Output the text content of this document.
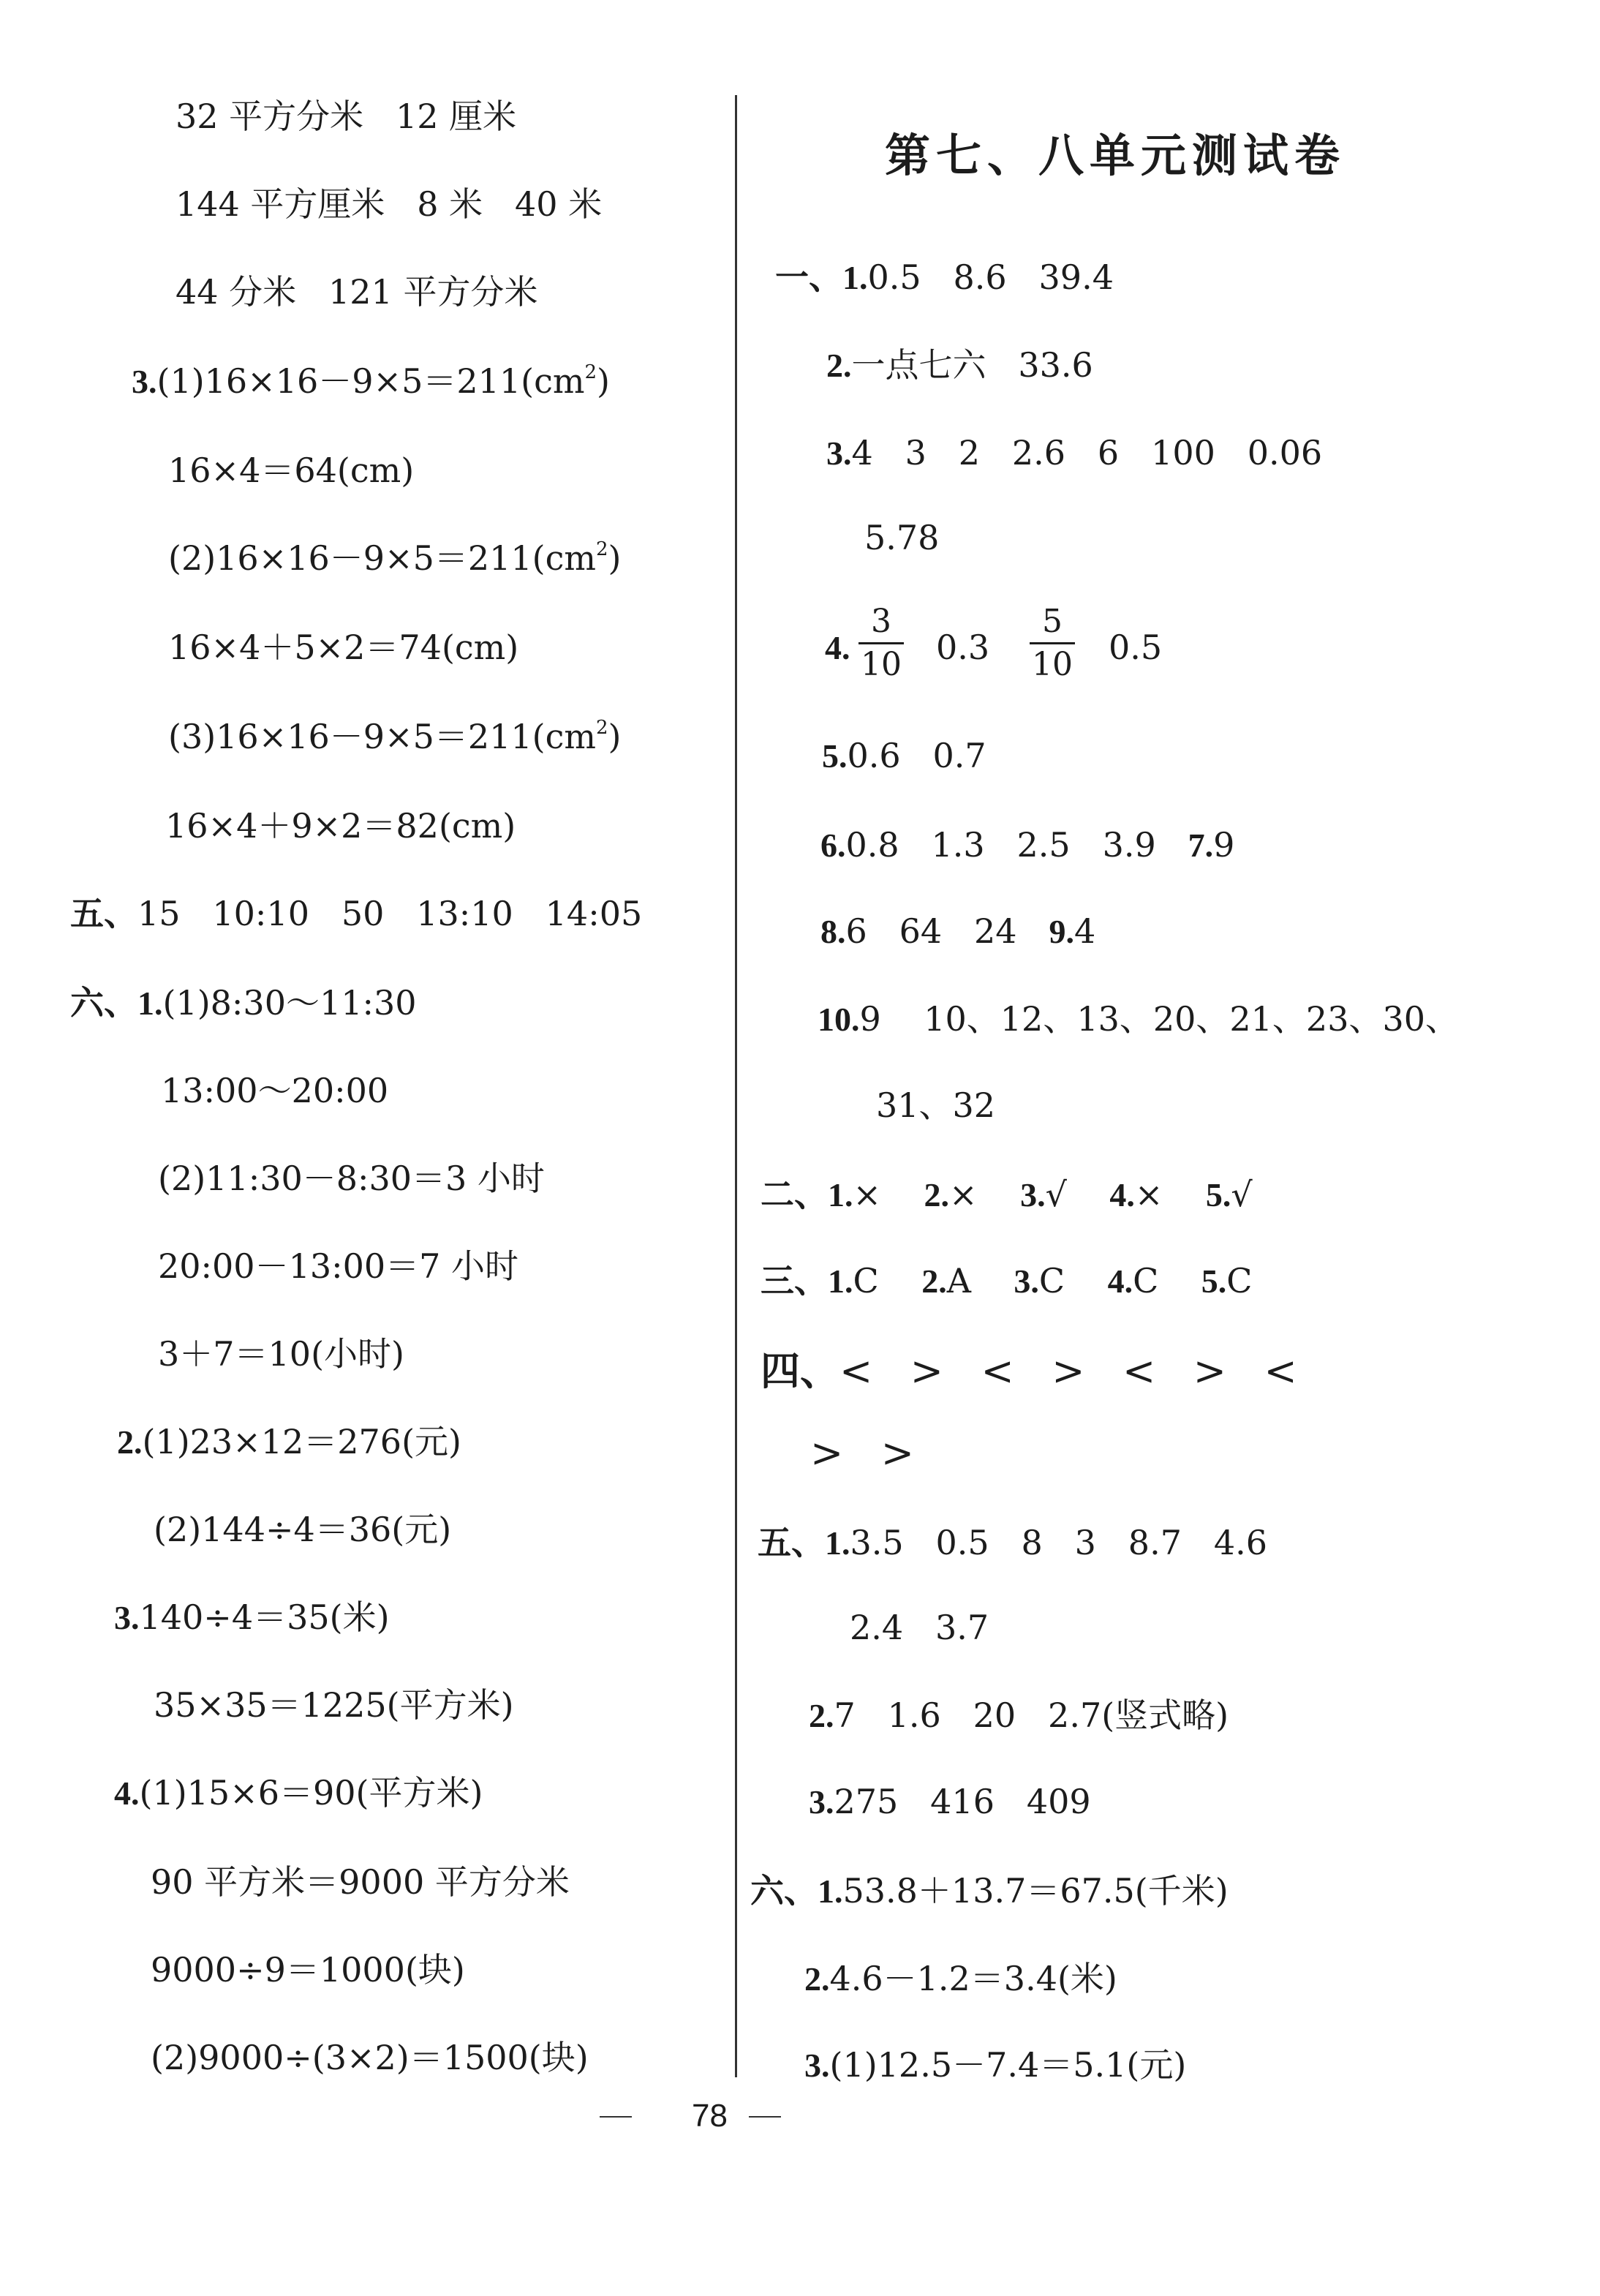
32 平方分米   12 厘米
144 平方厘米   8 米   40 米
44 分米   121 平方分米
$3.(1)16\times 16-9\times 5=211(cm^2)$
16×4＝64(cm)
$(2)16\times 16-9\times 5=211(cm^2)$
16×4＋5×2＝74(cm)
$(3)16\times 16-9\times 5=211(cm^2)$
16×4＋9×2＝82(cm)
五、15   10:10   50   13:10   14:05
六、1.(1)8:30～11:30
13:00～20:00
(2)11:30－8:30＝3 小时
20:00－13:00＝7 小时
3＋7＝10(小时)
2.(1)23×12＝276(元)
(2)144÷4＝36(元)
3.140÷4＝35(米)
35×35＝1225(平方米)
4.(1)15×6＝90(平方米)
90 平方米＝9000 平方分米
9000÷9＝1000(块)
(2)9000÷(3×2)＝1500(块)
第七、八单元测试卷
一、1.0.5   8.6   39.4
2.一点七六   33.6
3.4   3   2   2.6   6   100   0.06
5.78
4.
3
10 0.3
5
10 0.5
5.0.6   0.7
6.0.8   1.3   2.5   3.9   7.9
8.6   64   24   9.4
10.9    10、12、13、20、21、23、30、
31、32
二、1.×    2.×    3.√    4.×    5.√
三、1.C    2.A    3.C    4.C    5.C
四、<   >   <   >   <   >   <
>   >
五、1.3.5   0.5   8   3   8.7   4.6
2.4   3.7
2.7   1.6   20   2.7(竖式略)
3.275   416   409
六、1.53.8＋13.7＝67.5(千米)
2.4.6－1.2＝3.4(米)
3.(1)12.5－7.4＝5.1(元)
78
